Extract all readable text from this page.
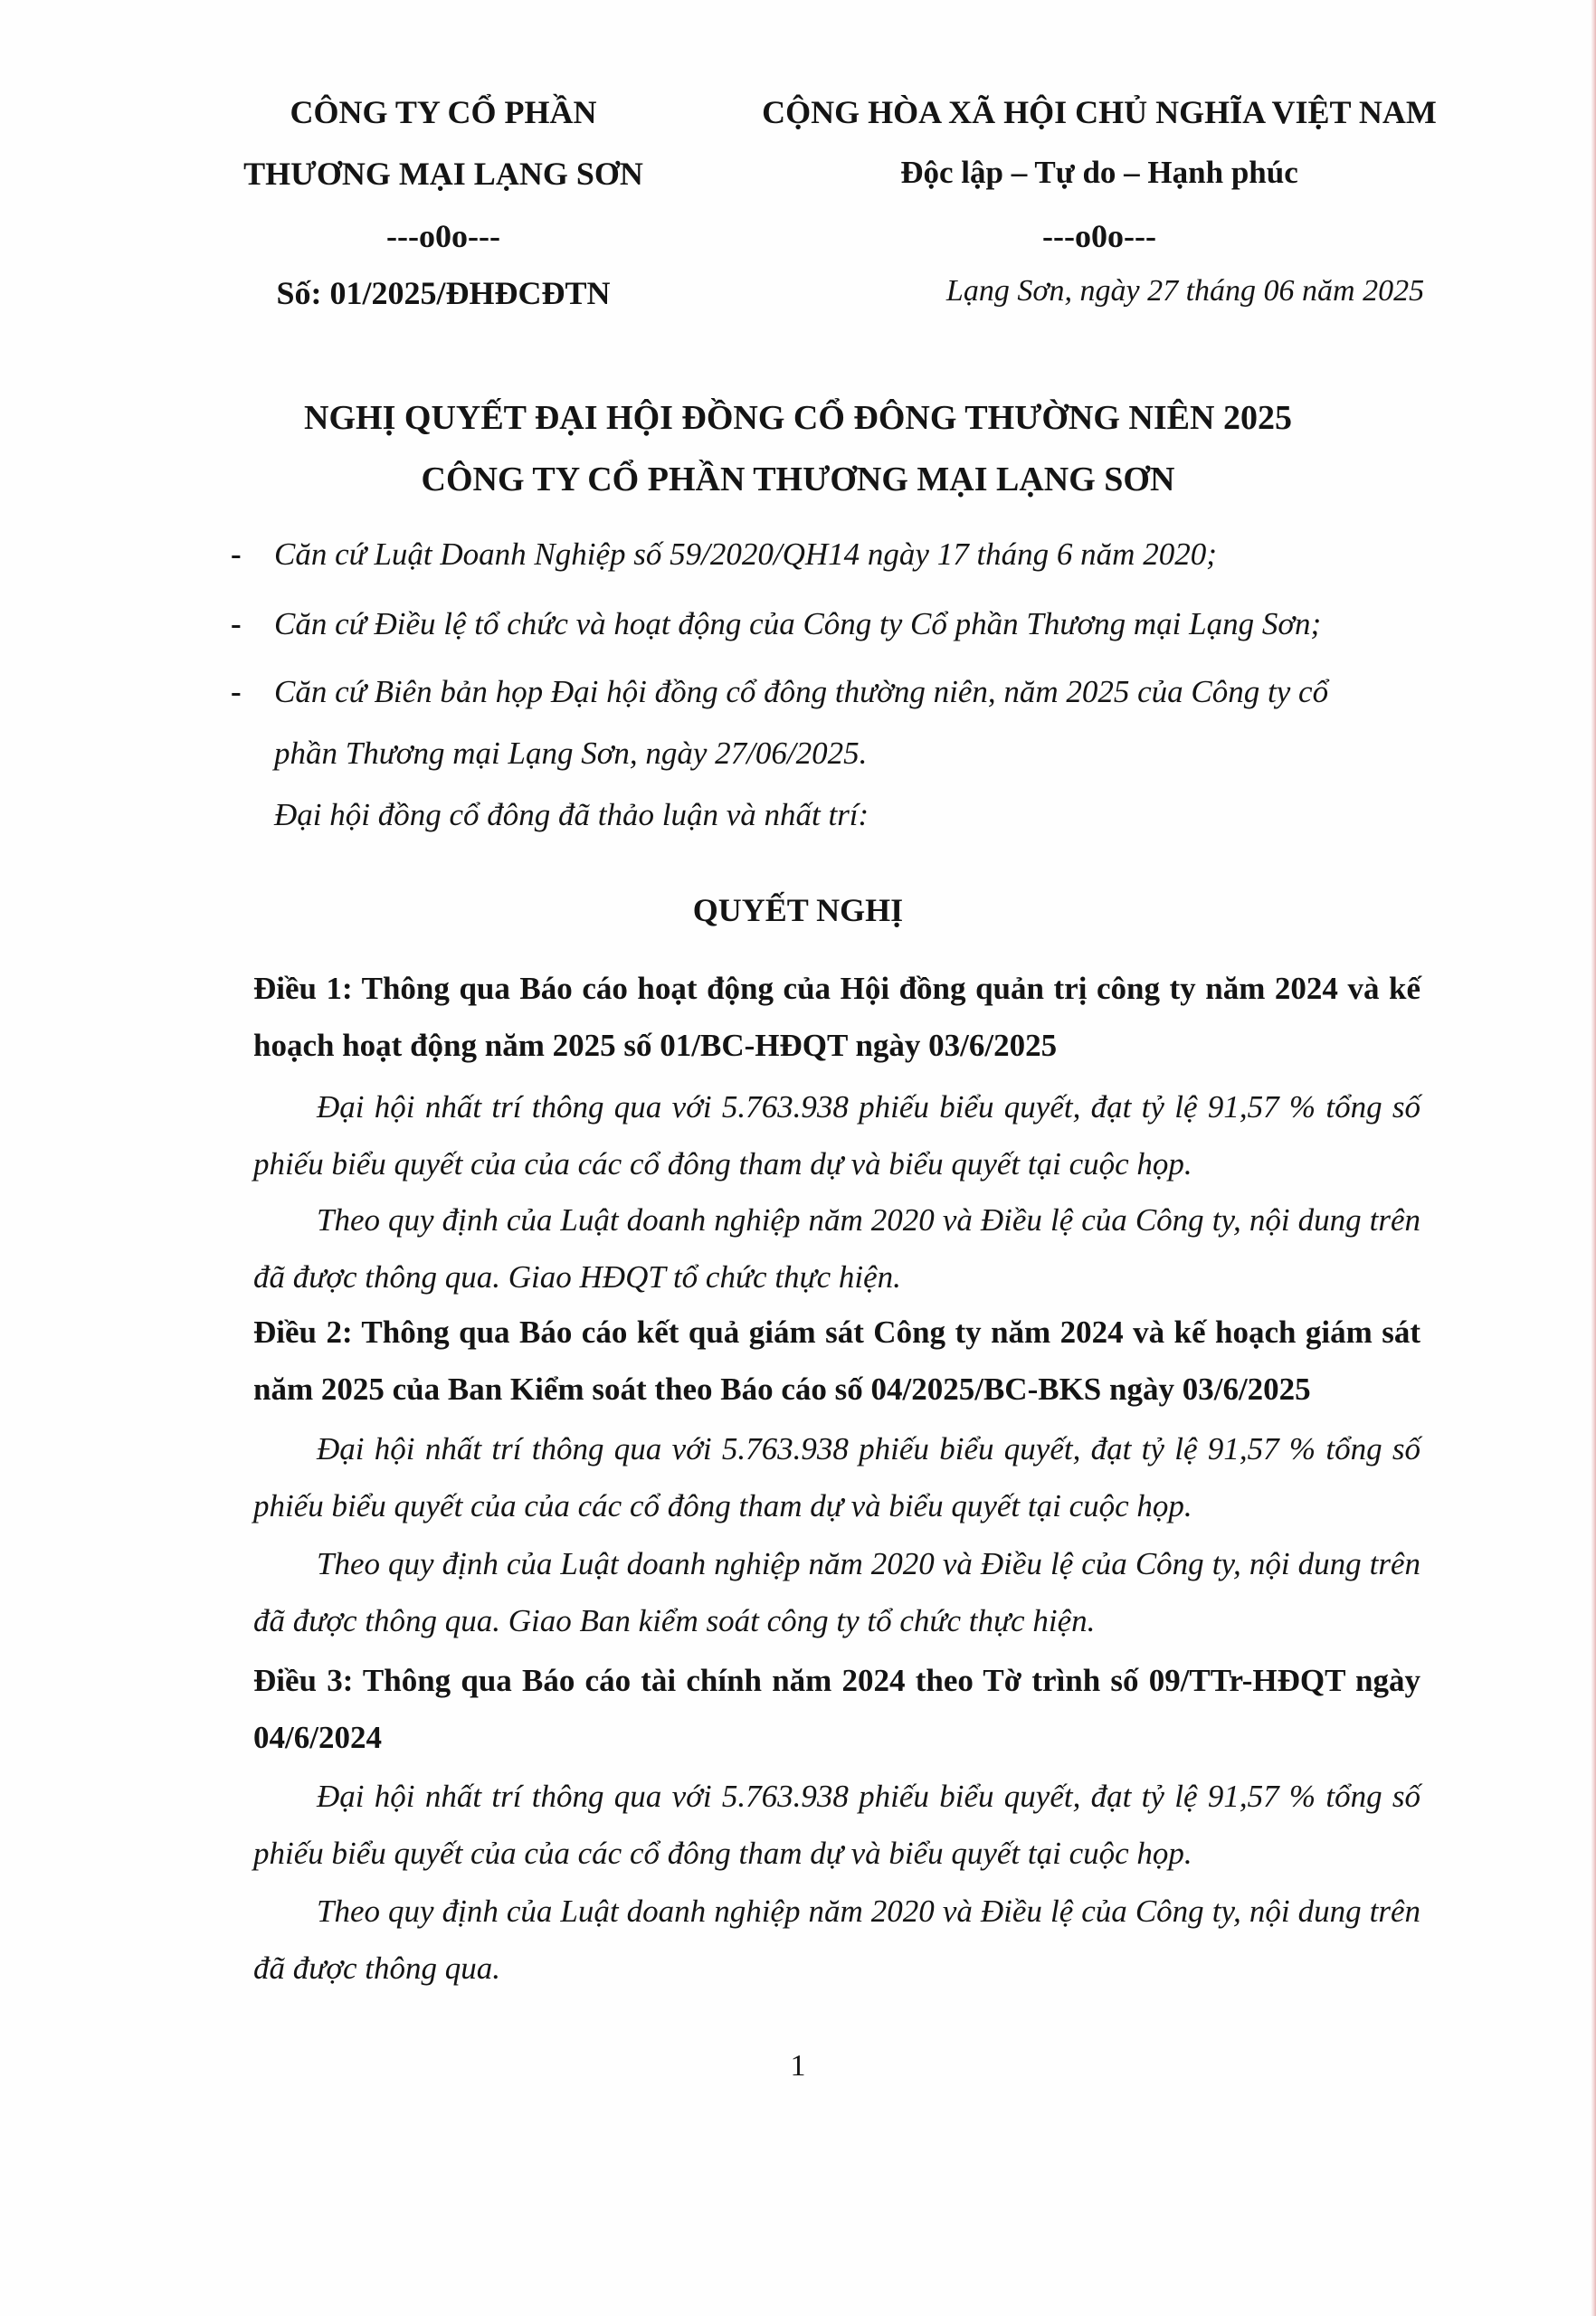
CÔNG TY CỔ PHẦN
THƯƠNG MẠI LẠNG SƠN
---o0o---
Số: 01/2025/ĐHĐCĐTN
CỘNG HÒA XÃ HỘI CHỦ NGHĨA VIỆT NAM
Độc lập – Tự do – Hạnh phúc
---o0o---
Lạng Sơn, ngày 27 tháng 06 năm 2025
NGHỊ QUYẾT ĐẠI HỘI ĐỒNG CỔ ĐÔNG THƯỜNG NIÊN 2025
CÔNG TY CỔ PHẦN THƯƠNG MẠI LẠNG SƠN
- Căn cứ Luật Doanh Nghiệp số 59/2020/QH14 ngày 17 tháng 6 năm 2020;
- Căn cứ Điều lệ tổ chức và hoạt động của Công ty Cổ phần Thương mại Lạng Sơn;
- Căn cứ Biên bản họp Đại hội đồng cổ đông thường niên, năm 2025 của Công ty cổ
phần Thương mại Lạng Sơn, ngày 27/06/2025.
Đại hội đồng cổ đông đã thảo luận và nhất trí:
QUYẾT NGHỊ
Điều 1: Thông qua Báo cáo hoạt động của Hội đồng quản trị công ty năm 2024 và kế hoạch hoạt động năm 2025 số 01/BC-HĐQT ngày 03/6/2025
Đại hội nhất trí thông qua với 5.763.938 phiếu biểu quyết, đạt tỷ lệ 91,57 % tổng số phiếu biểu quyết của của các cổ đông tham dự và biểu quyết tại cuộc họp.
Theo quy định của Luật doanh nghiệp năm 2020 và Điều lệ của Công ty, nội dung trên đã được thông qua. Giao HĐQT tổ chức thực hiện.
Điều 2: Thông qua Báo cáo kết quả giám sát Công ty năm 2024 và kế hoạch giám sát năm 2025 của Ban Kiểm soát theo Báo cáo số 04/2025/BC-BKS ngày 03/6/2025
Đại hội nhất trí thông qua với 5.763.938 phiếu biểu quyết, đạt tỷ lệ 91,57 % tổng số phiếu biểu quyết của của các cổ đông tham dự và biểu quyết tại cuộc họp.
Theo quy định của Luật doanh nghiệp năm 2020 và Điều lệ của Công ty, nội dung trên đã được thông qua. Giao Ban kiểm soát công ty tổ chức thực hiện.
Điều 3: Thông qua Báo cáo tài chính năm 2024 theo Tờ trình số 09/TTr-HĐQT ngày 04/6/2024
Đại hội nhất trí thông qua với 5.763.938 phiếu biểu quyết, đạt tỷ lệ 91,57 % tổng số phiếu biểu quyết của của các cổ đông tham dự và biểu quyết tại cuộc họp.
Theo quy định của Luật doanh nghiệp năm 2020 và Điều lệ của Công ty, nội dung trên đã được thông qua.
1
